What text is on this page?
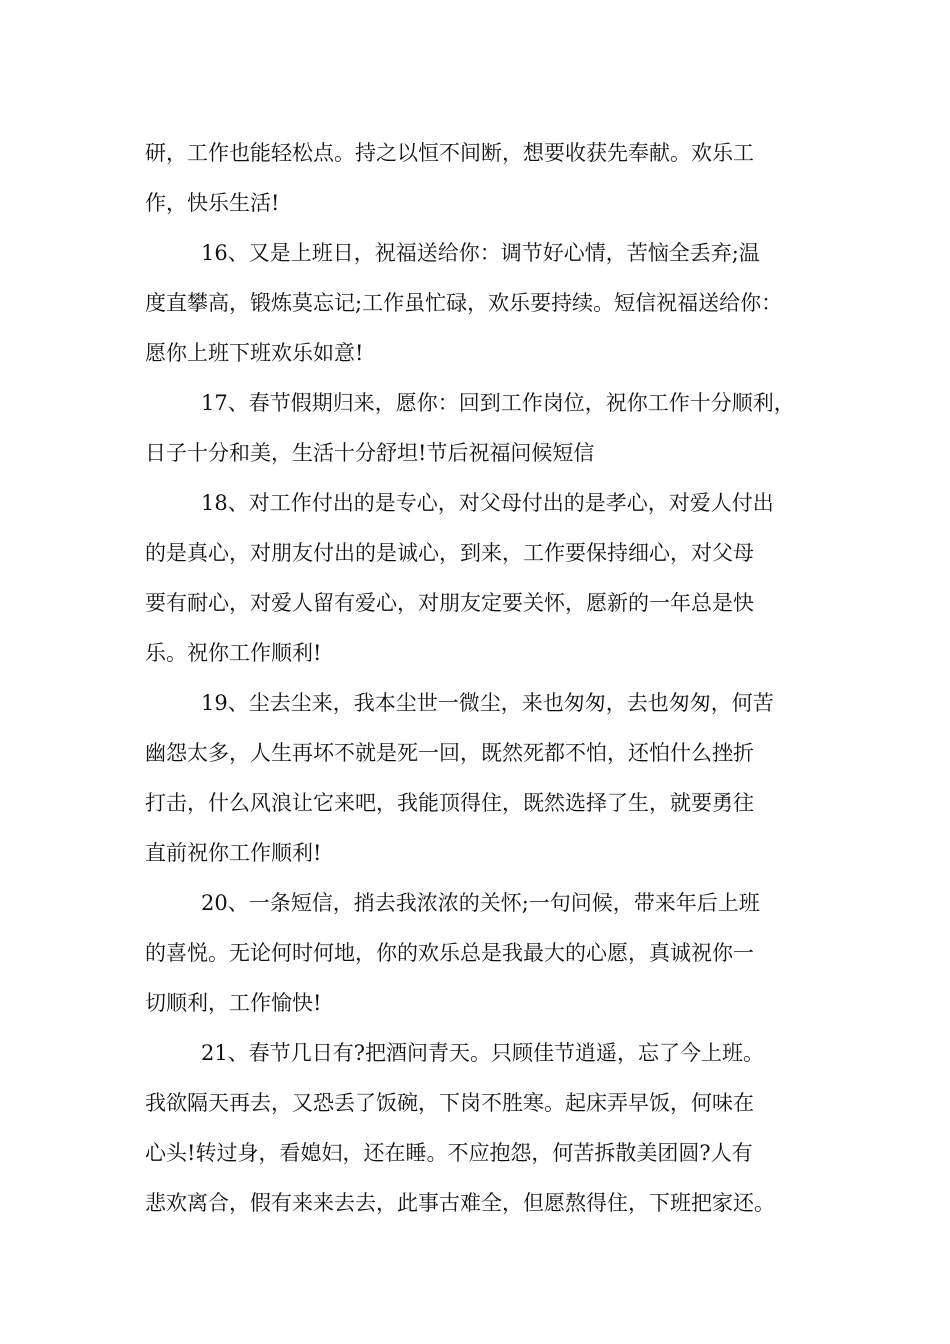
研，工作也能轻松点。持之以恒不间断，想要收获先奉献。欢乐工
作，快乐生活!
16、又是上班日，祝福送给你：调节好心情，苦恼全丢弃;温
度直攀高，锻炼莫忘记;工作虽忙碌，欢乐要持续。短信祝福送给你：
愿你上班下班欢乐如意!
17、春节假期归来，愿你：回到工作岗位，祝你工作十分顺利，
日子十分和美，生活十分舒坦!节后祝福问候短信
18、对工作付出的是专心，对父母付出的是孝心，对爱人付出
的是真心，对朋友付出的是诚心，到来，工作要保持细心，对父母
要有耐心，对爱人留有爱心，对朋友定要关怀，愿新的一年总是快
乐。祝你工作顺利!
19、尘去尘来，我本尘世一微尘，来也匆匆，去也匆匆，何苦
幽怨太多，人生再坏不就是死一回，既然死都不怕，还怕什么挫折
打击，什么风浪让它来吧，我能顶得住，既然选择了生，就要勇往
直前祝你工作顺利!
20、一条短信，捎去我浓浓的关怀;一句问候，带来年后上班
的喜悦。无论何时何地，你的欢乐总是我最大的心愿，真诚祝你一
切顺利，工作愉快!
21、春节几日有?把酒问青天。只顾佳节逍遥，忘了今上班。
我欲隔天再去，又恐丢了饭碗，下岗不胜寒。起床弄早饭，何味在
心头!转过身，看媳妇，还在睡。不应抱怨，何苦拆散美团圆?人有
悲欢离合，假有来来去去，此事古难全，但愿熬得住，下班把家还。
